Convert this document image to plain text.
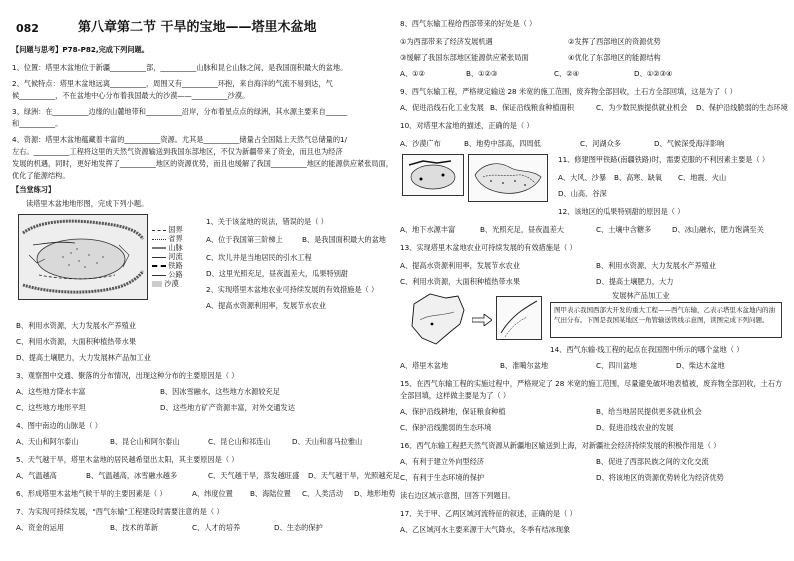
082	第八章第二节 干旱的宝地——塔里木盆地
【问题与思考】P78-P82,完成下列问题。
1、位置：塔里木盆地位于新疆__________部，__________山脉和昆仑山脉之间，是我国面积最大的盆地。
2、气候特点：塔里木盆地远离__________，周围又有__________环抱，来自海洋的气流不易到达，气
候__________，不在盆地中心分布着我国最大的沙漠——__________沙漠。
3、绿洲：在__________边缘的山麓地带和__________沿岸，分布着星点点的绿洲，其水源主要来自______
和__________。
4、资源：塔里木盆地蕴藏着丰富的__________资源。尤其是__________储量占全国陆上天然气总储量的1/
左右。__________工程将这里的天然气资源输送到我国东部地区，不仅为新疆带来了资金，而且也为经济
发展的机遇，同时，更好地发挥了__________地区的资源优势，而且也缓解了我国__________地区的能源供应紧张局面，
优化了能源结构。
【当堂练习】
读塔里木盆地地形图，完成下列小题。
国界
省界
山脉
河流
铁路
公路
沙漠
1、关于该盆地的说法，错误的是（ ）
A、位于我国第三阶梯上	B、是我国面积最大的盆地
C、坎儿井是当地居民的引水工程
D、这里光照充足，昼夜温差大，瓜果特别甜
2、实现塔里木盆地农业可持续发展的有效措施是（ ）
A、提高水资源利用率，发展节水农业
B、利用水资源，大力发展水产养殖业
C、利用水资源，大面积种植热带水果
D、提高土壤肥力，大力发展林产品加工业
3、观察图中交通、聚落的分布情况，出现这种分布的主要原因是（ ）
A、这些地方降水丰富	B、因冰雪融水，这些地方水源较充足
C、这些地方地形平坦	D、这些地方矿产资源丰富，对外交通发达
4、图中南边的山脉是（ ）
A、天山和阿尔泰山	B、昆仑山和阿尔泰山	C、昆仑山和祁连山	D、天山和喜马拉雅山
5、天气越干旱，塔里木盆地的居民越希望出太阳，其主要原因是（ ）
A、气温越高	B、气温越高，冰雪融水越多	C、天气越干旱，蒸发越旺盛 D、天气越干旱，光照越充足
6、形成塔里木盆地气候干旱的主要因素是（ ）	A、纬度位置 B、海陆位置 C、人类活动 D、地形地势
7、为实现可持续发展，"西气东输"工程建设时需要注意的是（ ）
A、资金的运用	B、技术的革新	C、人才的培养	D、生态的保护
8、西气东输工程给西部带来的好处是（ ）
①为西部带来了经济发展机遇	②发挥了西部地区的资源优势
③缓解了我国东部地区能源供应紧张局面	④优化了东部地区的能源结构
A、①②	B、①②③	C、②④	D、①②③④
9、西气东输工程，严格规定输送 28 米宽的施工范围，废弃物全部回收，土石方全部回填，这是为了（ ）
A、促进沿线石化工业发展 B、保证沿线粮食种植面积	C、为少数民族提供就业机会 D、保护沿线脆弱的生态环境
10、对塔里木盆地的描述，正确的是（ ）
A、沙漠广布	B、地势中部高，四周低	C、河湖众多	D、气候深受海洋影响
11、修建图甲铁路(南疆铁路)时，需要克服的不利因素主要是（ ）
A、大风、沙暴 B、高寒、缺氧 C、地震、火山
D、山高、谷深
12、该地区的瓜果特别甜的原因是（ ）
A、地下水源丰富	B、光照充足，昼夜温差大	C、土壤中含糖多	D、冰山融水，肥力饱满至关
13、实现塔里木盆地农业可持续发展的有效措施是（ ）
A、提高水资源利用率，发展节水农业	B、利用水资源，大力发展水产养殖业
C、利用水资源，大面积种植热带水果	D、提高土壤肥力，大力
发展林产品加工业
图甲表示我国西部大开发的重大工程——西气东输，乙表示塔里木盆地内的油气田分布。下图是我国某地区一角管输送管线示意图，读图完成下列问题。
14、西气东输·线工程的起点在我国图中所示的哪个盆地（ ）
A、塔里木盆地	B、准噶尔盆地	C、四川盆地	D、柴达木盆地
15、在西气东输工程的实施过程中，严格规定了 28 米宽的施工范围，尽量避免破坏地表植被，废弃物全部回收，土石方
全部回填，这样做主要是为了（ ）
A、保护沿线耕地，保证粮食种植	B、给当地居民提供更多就业机会
C、保护沿线脆弱的生态环境	D、促进沿线农业的发展
16、西气东输工程把天然气资源从新疆地区输送到上海，对新疆社会经济持续发展的积极作用是（ ）
A、有利于建立外向型经济	B、促进了西部民族之间的文化交流
C、有利于生态环境的保护	D、将该地区的资源优势转化为经济优势
读右边区域示意图，回答下列题目。
17、关于甲、乙两区域河流特征的叙述，正确的是（ ）
A、乙区域河水主要来源于大气降水，冬季有结冰现象
